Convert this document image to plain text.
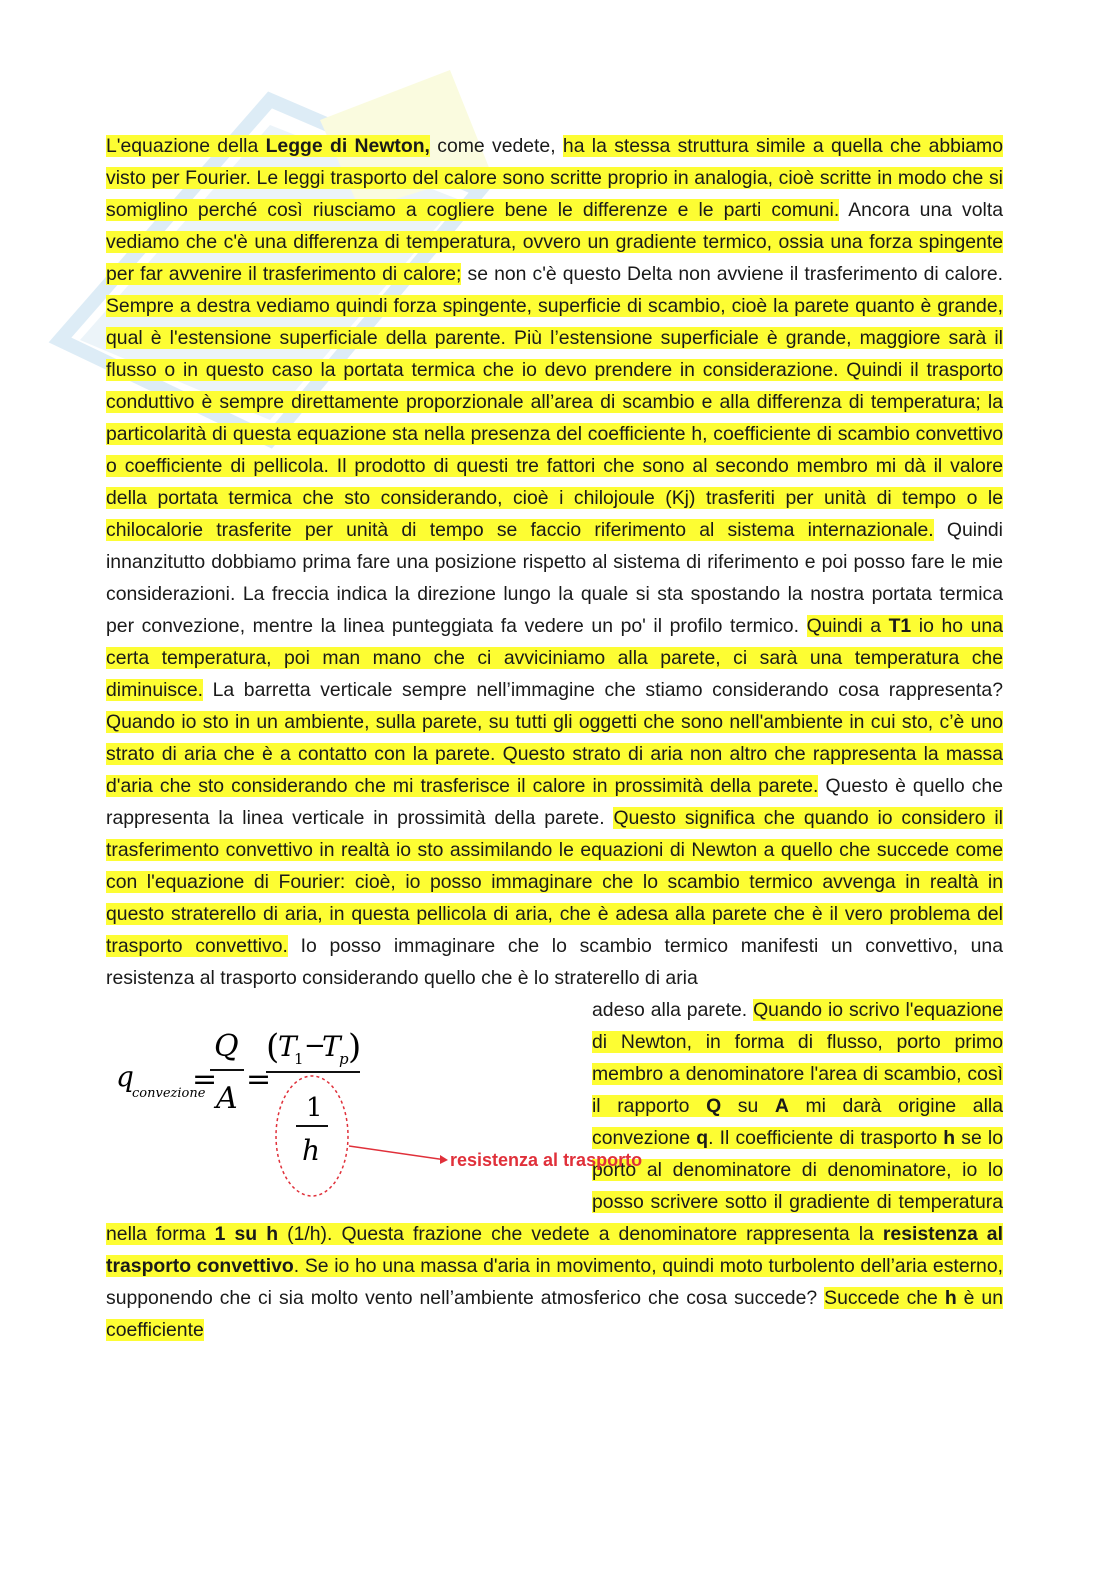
L'equazione della Legge di Newton, come vedete, ha la stessa struttura simile a quella che abbiamo visto per Fourier. Le leggi trasporto del calore sono scritte proprio in analogia, cioè scritte in modo che si somiglino perché così riusciamo a cogliere bene le differenze e le parti comuni. Ancora una volta vediamo che c'è una differenza di temperatura, ovvero un gradiente termico, ossia una forza spingente per far avvenire il trasferimento di calore; se non c'è questo Delta non avviene il trasferimento di calore. Sempre a destra vediamo quindi forza spingente, superficie di scambio, cioè la parete quanto è grande, qual è l'estensione superficiale della parente. Più l’estensione superficiale è grande, maggiore sarà il flusso o in questo caso la portata termica che io devo prendere in considerazione. Quindi il trasporto conduttivo è sempre direttamente proporzionale all’area di scambio e alla differenza di temperatura; la particolarità di questa equazione sta nella presenza del coefficiente h, coefficiente di scambio convettivo o coefficiente di pellicola. Il prodotto di questi tre fattori che sono al secondo membro mi dà il valore della portata termica che sto considerando, cioè i chilojoule (Kj) trasferiti per unità di tempo o le chilocalorie trasferite per unità di tempo se faccio riferimento al sistema internazionale. Quindi innanzitutto dobbiamo prima fare una posizione rispetto al sistema di riferimento e poi posso fare le mie considerazioni. La freccia indica la direzione lungo la quale si sta spostando la nostra portata termica per convezione, mentre la linea punteggiata fa vedere un po' il profilo termico. Quindi a T1 io ho una certa temperatura, poi man mano che ci avviciniamo alla parete, ci sarà una temperatura che diminuisce. La barretta verticale sempre nell’immagine che stiamo considerando cosa rappresenta? Quando io sto in un ambiente, sulla parete, su tutti gli oggetti che sono nell'ambiente in cui sto, c’è uno strato di aria che è a contatto con la parete. Questo strato di aria non altro che rappresenta la massa d'aria che sto considerando che mi trasferisce il calore in prossimità della parete. Questo è quello che rappresenta la linea verticale in prossimità della parete. Questo significa che quando io considero il trasferimento convettivo in realtà io sto assimilando le equazioni di Newton a quello che succede come con l'equazione di Fourier: cioè, io posso immaginare che lo scambio termico avvenga in realtà in questo straterello di aria, in questa pellicola di aria, che è adesa alla parete che è il vero problema del trasporto convettivo. Io posso immaginare che lo scambio termico manifesti un convettivo, una resistenza al trasporto considerando quello che è lo straterello di aria

q
convezione
=
Q
A
=
(
T
1 −
T
p )
1
h	resistenza al trasporto

adeso alla parete. Quando io scrivo l'equazione di Newton, in forma di flusso, porto primo membro a denominatore l'area di scambio, così il rapporto Q su A mi darà origine alla convezione q. Il coefficiente di trasporto h se lo porto al denominatore di denominatore, io lo posso scrivere sotto il gradiente di temperatura nella forma 1 su h (1/h). Questa frazione che vedete a denominatore rappresenta la resistenza al trasporto convettivo. Se io ho una massa d'aria in movimento, quindi moto turbolento dell’aria esterno, supponendo che ci sia molto vento nell’ambiente atmosferico che cosa succede? Succede che h è un coefficiente
